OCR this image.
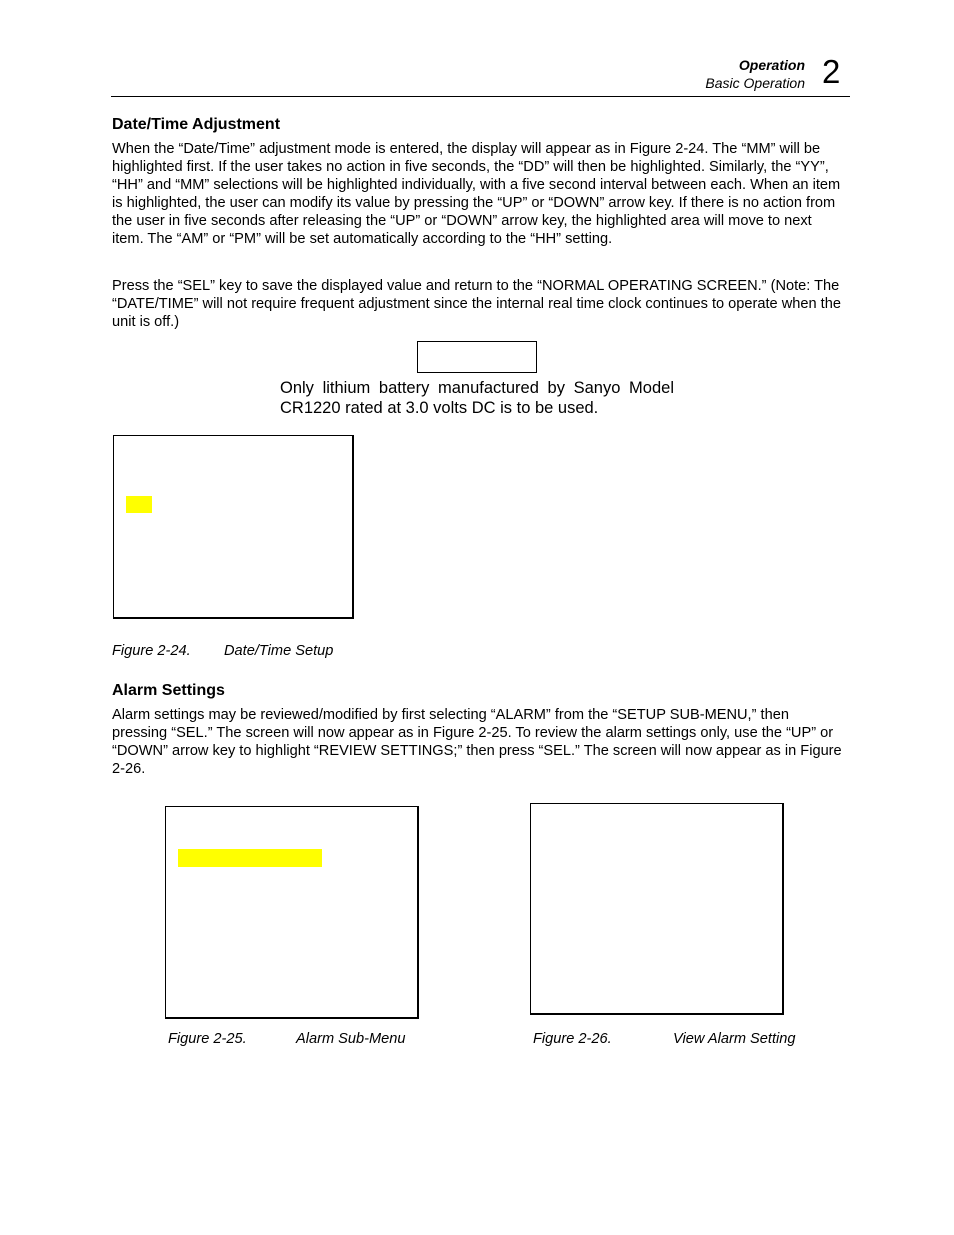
Operation
Basic Operation 2
Date/Time Adjustment

When the “Date/Time” adjustment mode is entered, the display will appear as in Figure 2-24. The “MM” will be highlighted first. If the user takes no action in five seconds, the “DD” will then be highlighted. Similarly, the “YY”, “HH” and “MM” selections will be highlighted individually, with a five second interval between each. When an item is highlighted, the user can modify its value by pressing the “UP” or “DOWN” arrow key. If there is no action from the user in five seconds after releasing the “UP” or “DOWN” arrow key, the highlighted area will move to next item. The “AM” or “PM” will be set automatically according to the “HH” setting.

Press the “SEL” key to save the displayed value and return to the “NORMAL OPERATING SCREEN.” (Note: The “DATE/TIME” will not require frequent adjustment since the internal real time clock continues to operate when the unit is off.)

Only lithium battery manufactured by Sanyo Model CR1220 rated at 3.0 volts DC is to be used.

Figure 2-24. Date/Time Setup
Alarm Settings

Alarm settings may be reviewed/modified by first selecting “ALARM” from the “SETUP SUB-MENU,” then pressing “SEL.” The screen will now appear as in Figure 2-25. To review the alarm settings only, use the “UP” or “DOWN” arrow key to highlight “REVIEW SETTINGS;” then press “SEL.” The screen will now appear as in Figure 2-26.

Figure 2-25.	Alarm Sub-Menu	Figure 2-26.	View Alarm Setting
